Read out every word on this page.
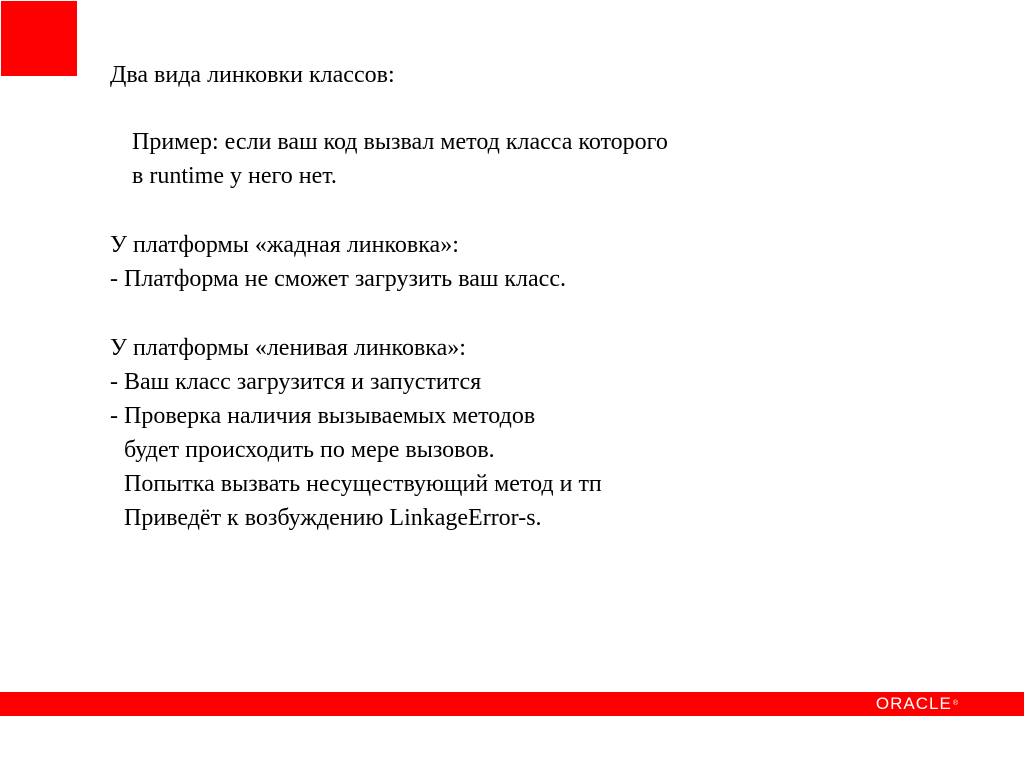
Два вида линковки классов:
Пример: если ваш код вызвал метод класса которого
в runtime у него нет.
У платформы «жадная линковка»:
- Платформа не сможет загрузить ваш класс.
У платформы «ленивая линковка»:
- Ваш класс загрузится и запустится
- Проверка наличия вызываемых методов
будет происходить по мере вызовов.
Попытка вызвать несуществующий метод и тп
Приведёт к возбуждению LinkageError-s.
ORACLE®
